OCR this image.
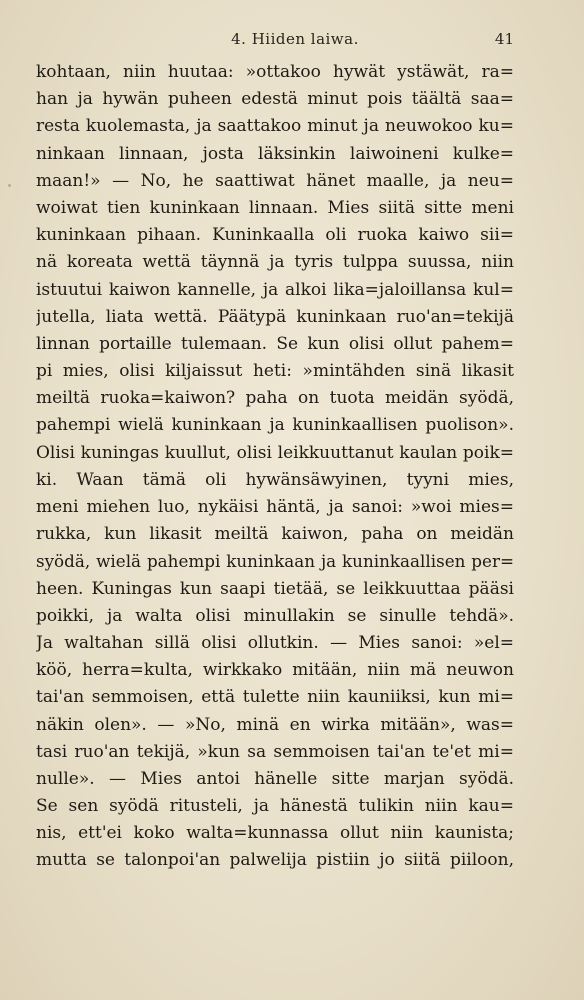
4. Hiiden laiwa.	41
kohtaan, niin huutaa: »ottakoo hywät ystäwät, ra=
han ja hywän puheen edestä minut pois täältä saa=
resta kuolemasta, ja saattakoo minut ja neuwokoo ku=
ninkaan linnaan, josta läksinkin laiwoineni kulke=
maan!» — No, he saattiwat hänet maalle, ja neu=
woiwat tien kuninkaan linnaan. Mies siitä sitte meni
kuninkaan pihaan. Kuninkaalla oli ruoka kaiwo sii=
nä koreata wettä täynnä ja tyris tulppa suussa, niin
istuutui kaiwon kannelle, ja alkoi lika=jaloillansa kul=
jutella, liata wettä. Päätypä kuninkaan ruo'an=tekijä
linnan portaille tulemaan. Se kun olisi ollut pahem=
pi mies, olisi kiljaissut heti: »mintähden sinä likasit
meiltä ruoka=kaiwon? paha on tuota meidän syödä,
pahempi wielä kuninkaan ja kuninkaallisen puolison».
Olisi kuningas kuullut, olisi leikkuuttanut kaulan poik=
ki. Waan tämä oli hywänsäwyinen, tyyni mies,
meni miehen luo, nykäisi häntä, ja sanoi: »woi mies=
rukka, kun likasit meiltä kaiwon, paha on meidän
syödä, wielä pahempi kuninkaan ja kuninkaallisen per=
heen. Kuningas kun saapi tietää, se leikkuuttaa pääsi
poikki, ja walta olisi minullakin se sinulle tehdä».
Ja waltahan sillä olisi ollutkin. — Mies sanoi: »el=
köö, herra=kulta, wirkkako mitään, niin mä neuwon
tai'an semmoisen, että tulette niin kauniiksi, kun mi=
näkin olen». — »No, minä en wirka mitään», was=
tasi ruo'an tekijä, »kun sa semmoisen tai'an te'et mi=
nulle». — Mies antoi hänelle sitte marjan syödä.
Se sen syödä ritusteli, ja hänestä tulikin niin kau=
nis, ett'ei koko walta=kunnassa ollut niin kaunista;
mutta se talonpoi'an palwelija pistiin jo siitä piiloon,
